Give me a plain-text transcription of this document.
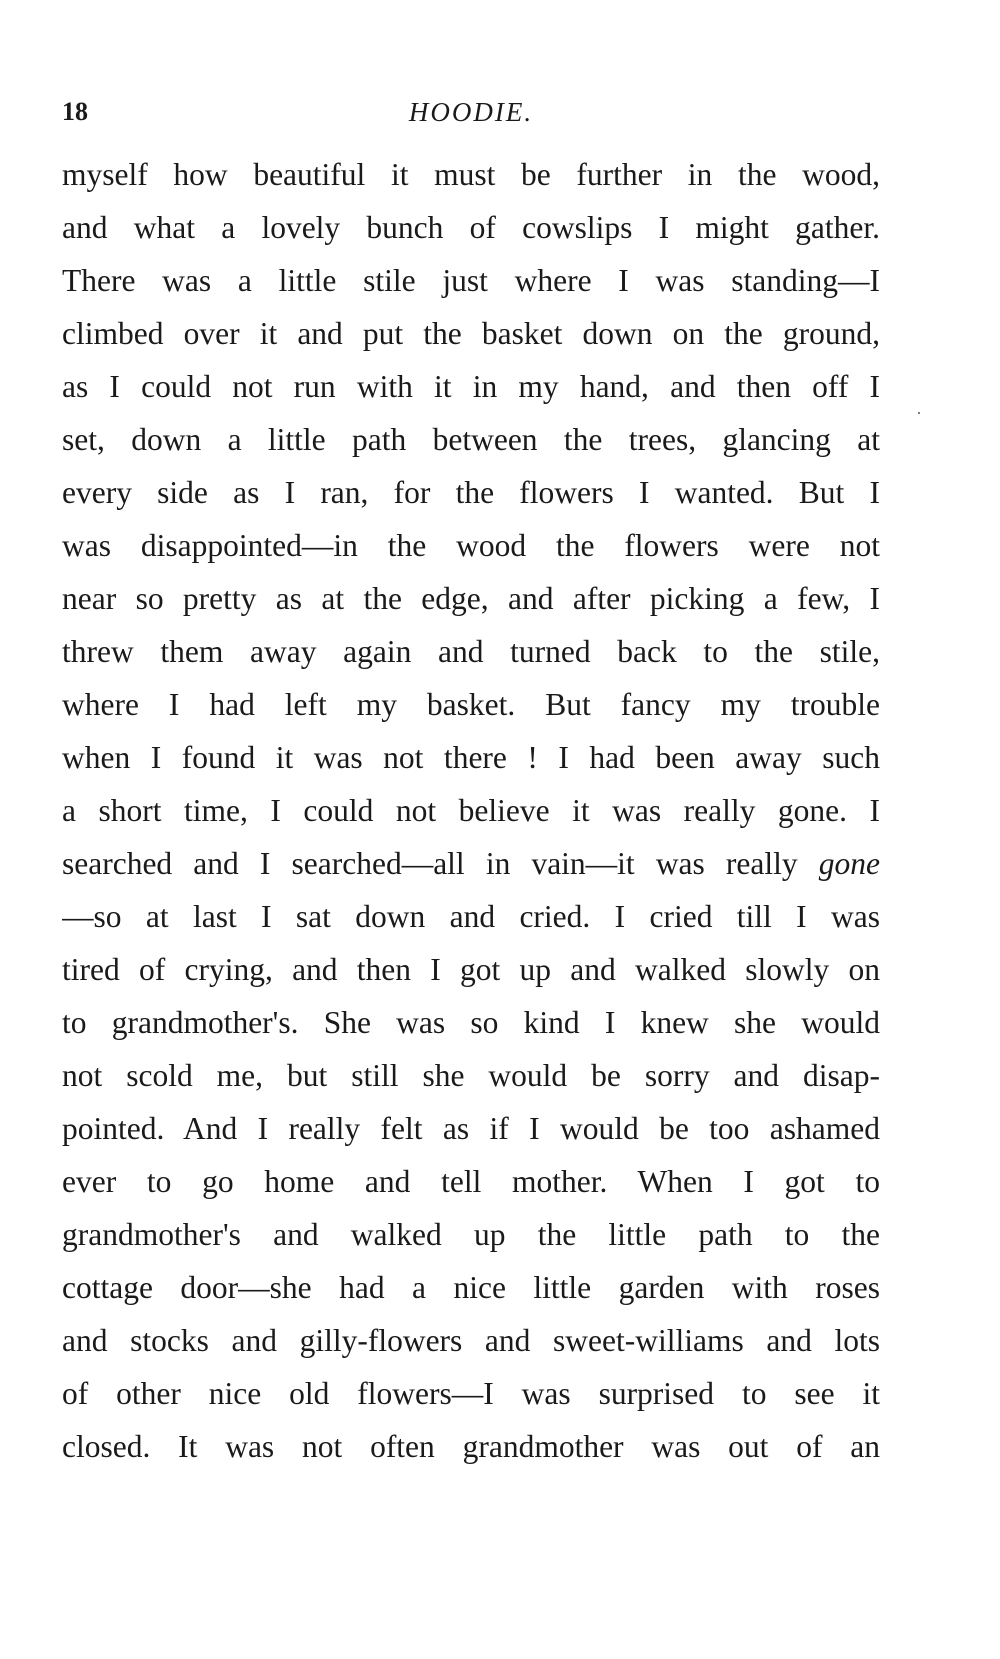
18	HOODIE.
myself how beautiful it must be further in the wood,
and what a lovely bunch of cowslips I might gather.
There was a little stile just where I was standing—I
climbed over it and put the basket down on the ground,
as I could not run with it in my hand, and then off I
set, down a little path between the trees, glancing at
every side as I ran, for the flowers I wanted. But I
was disappointed—in the wood the flowers were not
near so pretty as at the edge, and after picking a few, I
threw them away again and turned back to the stile,
where I had left my basket. But fancy my trouble
when I found it was not there ! I had been away such
a short time, I could not believe it was really gone. I
searched and I searched—all in vain—it was really gone
—so at last I sat down and cried. I cried till I was
tired of crying, and then I got up and walked slowly on
to grandmother's. She was so kind I knew she would
not scold me, but still she would be sorry and disap-
pointed. And I really felt as if I would be too ashamed
ever to go home and tell mother. When I got to
grandmother's and walked up the little path to the
cottage door—she had a nice little garden with roses
and stocks and gilly-flowers and sweet-williams and lots
of other nice old flowers—I was surprised to see it
closed. It was not often grandmother was out of an
